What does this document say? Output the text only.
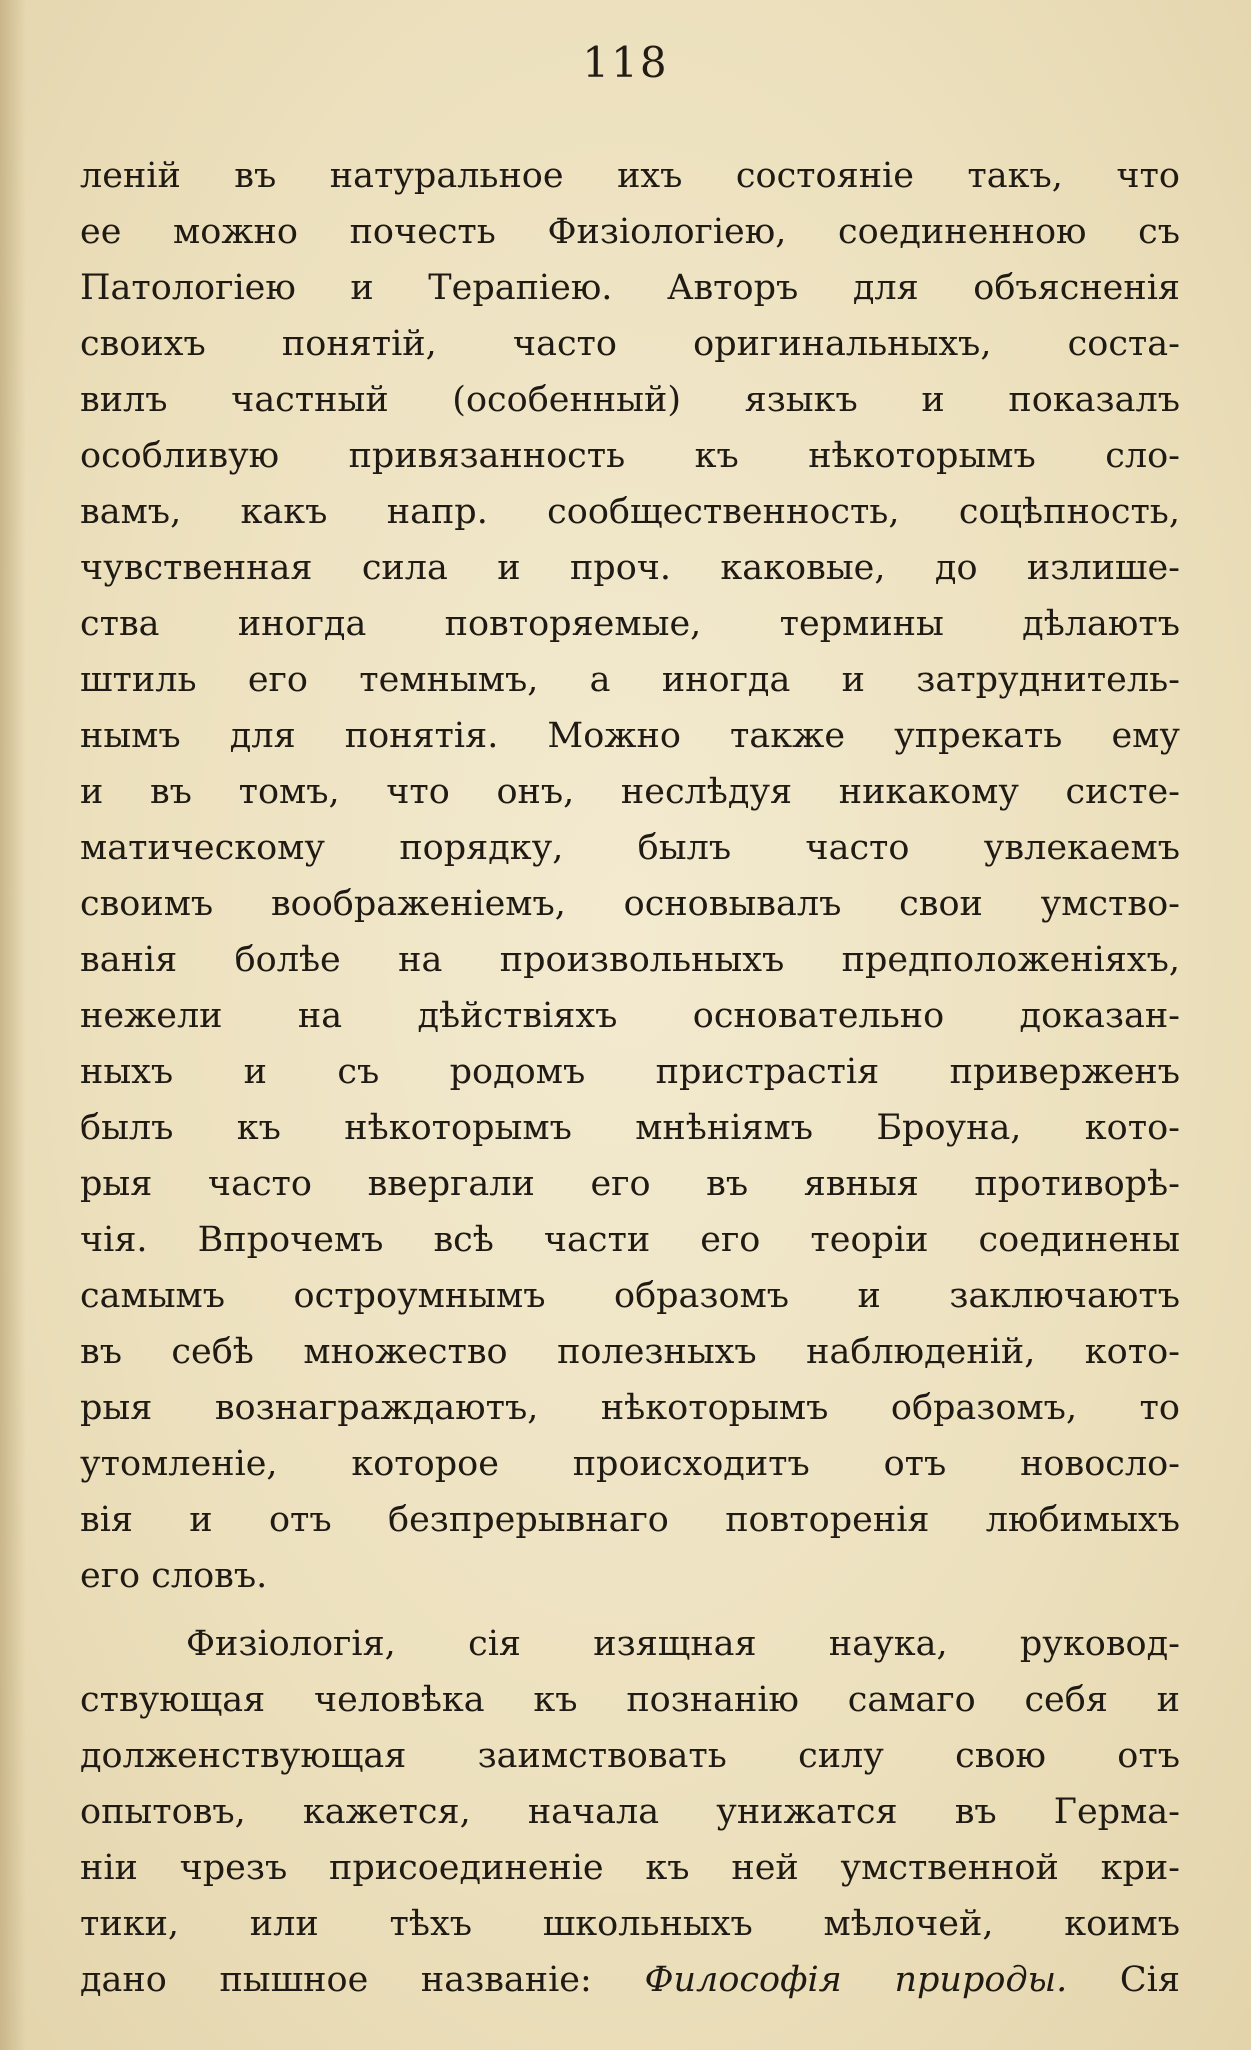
118
леній въ натуральное ихъ состояніе такъ, что
ее можно почесть Физіологіею, соединенною съ
Патологіею и Терапіею. Авторъ для объясненія
своихъ понятій, часто оригинальныхъ, соста-
вилъ частный (особенный) языкъ и показалъ
особливую привязанность къ нѣкоторымъ сло-
вамъ, какъ напр. сообщественность, соцѣпность,
чувственная сила и проч. каковые, до излише-
ства иногда повторяемые, термины дѣлаютъ
штиль его темнымъ, а иногда и затруднитель-
нымъ для понятія. Можно также упрекать ему
и въ томъ, что онъ, неслѣдуя никакому систе-
матическому порядку, былъ часто увлекаемъ
своимъ воображеніемъ, основывалъ свои умство-
ванія болѣе на произвольныхъ предположеніяхъ,
нежели на дѣйствіяхъ основательно доказан-
ныхъ и съ родомъ пристрастія приверженъ
былъ къ нѣкоторымъ мнѣніямъ Броуна, кото-
рыя часто ввергали его въ явныя противорѣ-
чія. Впрочемъ всѣ части его теоріи соединены
самымъ остроумнымъ образомъ и заключаютъ
въ себѣ множество полезныхъ наблюденій, кото-
рыя вознаграждаютъ, нѣкоторымъ образомъ, то
утомленіе, которое происходитъ отъ новосло-
вія и отъ безпрерывнаго повторенія любимыхъ
его словъ.
Физіологія, сія изящная наука, руковод-
ствующая человѣка къ познанію самаго себя и
долженствующая заимствовать силу свою отъ
опытовъ, кажется, начала унижатся въ Герма-
ніи чрезъ присоединеніе къ ней умственной кри-
тики, или тѣхъ школьныхъ мѣлочей, коимъ
дано пышное названіе: Философія природы. Сія
